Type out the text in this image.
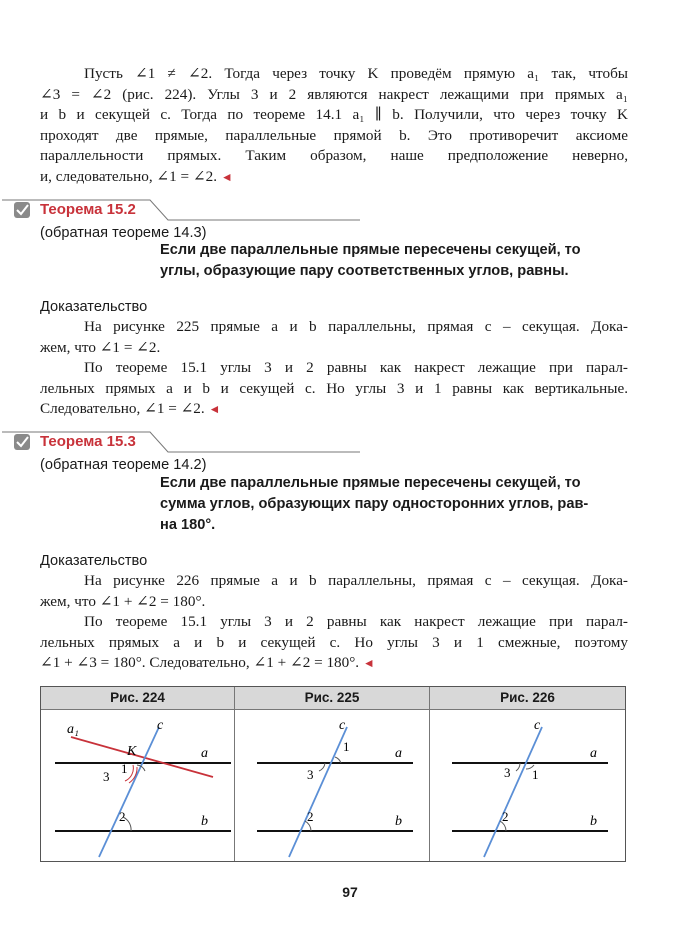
Пусть ∠1 ≠ ∠2. Тогда через точку K проведём прямую a₁ так, чтобы
∠3 = ∠2 (рис. 224). Углы 3 и 2 являются накрест лежащими при прямых a₁
и b и секущей c. Тогда по теореме 14.1 a₁ ∥ b. Получили, что через точку K
проходят две прямые, параллельные прямой b. Это противоречит аксиоме
параллельности прямых. Таким образом, наше предположение неверно,
и, следовательно, ∠1 = ∠2. ◄
Теорема 15.2
(обратная теореме 14.3)
Если две параллельные прямые пересечены секущей, то
углы, образующие пару соответственных углов, равны.
Доказательство
На рисунке 225 прямые a и b параллельны, прямая c – секущая. Дока-
жем, что ∠1 = ∠2.
По теореме 15.1 углы 3 и 2 равны как накрест лежащие при парал-
лельных прямых a и b и секущей c. Но углы 3 и 1 равны как вертикальные.
Следовательно, ∠1 = ∠2. ◄
Теорема 15.3
(обратная теореме 14.2)
Если две параллельные прямые пересечены секущей, то
сумма углов, образующих пару односторонних углов, рав-
на 180°.
Доказательство
На рисунке 226 прямые a и b параллельны, прямая c – секущая. Дока-
жем, что ∠1 + ∠2 = 180°.
По теореме 15.1 углы 3 и 2 равны как накрест лежащие при парал-
лельных прямых a и b и секущей c. Но углы 3 и 1 смежные, поэтому
∠1 + ∠3 = 180°. Следовательно, ∠1 + ∠2 = 180°. ◄
Рис. 224
a₁	c
K	a
b
1
2
3
Рис. 225
c
a
b
1
2
3
Рис. 226
c
a
b
1
2
3
97
